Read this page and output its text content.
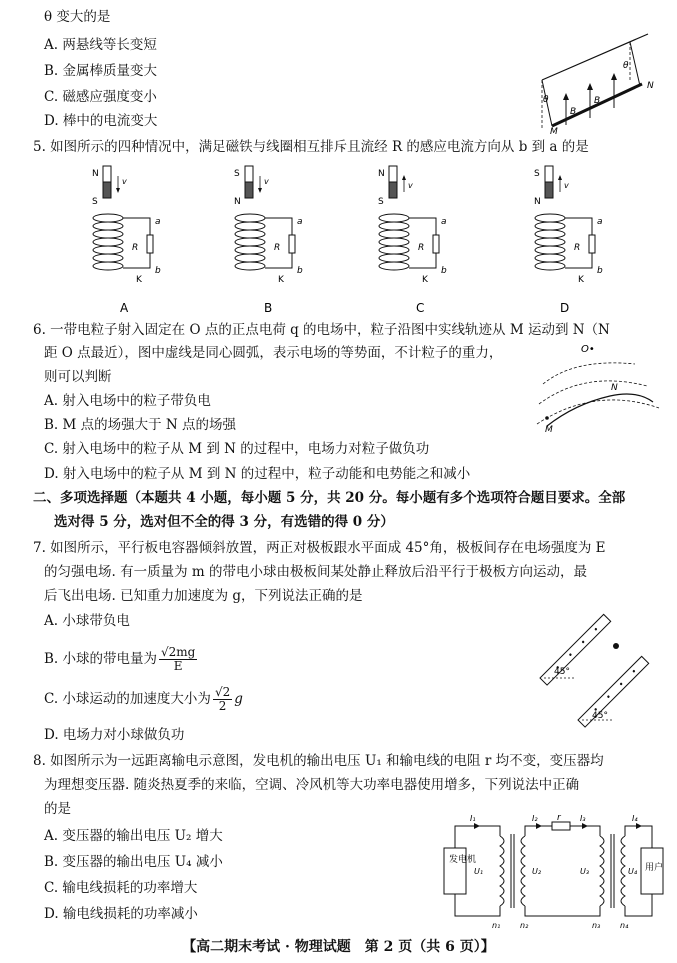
θ 变大的是
A. 两悬线等长变短
B. 金属棒质量变大
C. 磁感应强度变小
D. 棒中的电流变大
θ
θ
B
B
M
N
5. 如图所示的四种情况中，满足磁铁与线圈相互排斥且流经 R 的感应电流方向从 b 到 a 的是
N
S
v
R
a
b
K
A
S
N
v
R
a
b
K
B
N
S
v
R
a
b
K
C
S
N
v
R
a
b
K
D
6. 一带电粒子射入固定在 O 点的正点电荷 q 的电场中，粒子沿图中实线轨迹从 M 运动到 N（N
距 O 点最近），图中虚线是同心圆弧，表示电场的等势面，不计粒子的重力，
则可以判断
A. 射入电场中的粒子带负电
B. M 点的场强大于 N 点的场强
C. 射入电场中的粒子从 M 到 N 的过程中，电场力对粒子做负功
D. 射入电场中的粒子从 M 到 N 的过程中，粒子动能和电势能之和减小
O•
N
M
二、多项选择题（本题共 4 小题，每小题 5 分，共 20 分。每小题有多个选项符合题目要求。全部
选对得 5 分，选对但不全的得 3 分，有选错的得 0 分）
7. 如图所示，平行板电容器倾斜放置，两正对极板跟水平面成 45°角，极板间存在电场强度为 E
的匀强电场. 有一质量为 m 的带电小球由极板间某处静止释放后沿平行于极板方向运动，最
后飞出电场. 已知重力加速度为 g，下列说法正确的是
A. 小球带负电
B. 小球的带电量为 $\frac{√2mg}{E}$
C. 小球运动的加速度大小为 $\frac{√2}{2}$ g
D. 电场力对小球做负功
45°
45°
8. 如图所示为一远距离输电示意图，发电机的输出电压 U₁ 和输电线的电阻 r 均不变，变压器均
为理想变压器. 随炎热夏季的来临，空调、冷风机等大功率电器使用增多，下列说法中正确
的是
A. 变压器的输出电压 U₂ 增大
B. 变压器的输出电压 U₄ 减小
C. 输电线损耗的功率增大
D. 输电线损耗的功率减小
发电机
用户
r
I₁	I₂	I₃	I₄
U₁	U₂	U₃	U₄
n₁ n₂	n₃ n₄
【高二期末考试 · 物理试题　第 2 页（共 6 页）】
